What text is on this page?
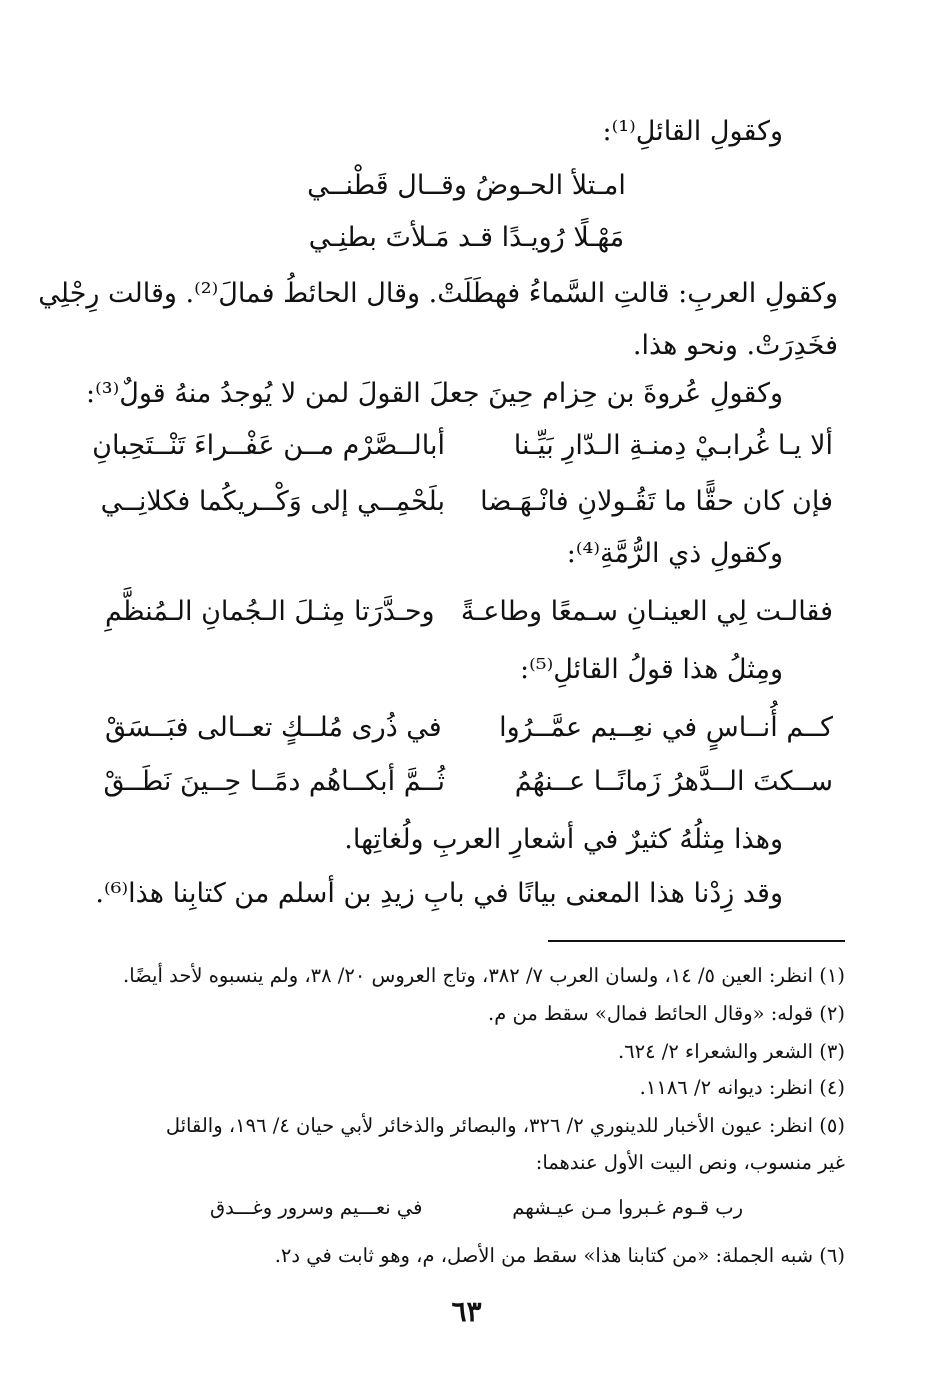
وكقولِ القائلِ⁽¹⁾:
امـتلأ الحـوضُ وقــال قَطْنــي
مَهْـلًا رُويـدًا قـد مَـلأتَ بطنِـي
وكقولِ العربِ: قالتِ السَّماءُ فهطَلَتْ. وقال الحائطُ فمالَ⁽²⁾. وقالت رِجْلِي
فخَدِرَتْ. ونحو هذا.
وكقولِ عُروةَ بن حِزام حِينَ جعلَ القولَ لمن لا يُوجدُ منهُ قولٌ⁽³⁾:
ألا يـا غُرابـيْ دِمنـةِ الـدّارِ بَيِّـنا
أبالــصَّرْم مــن عَفْــراءَ تَنْــتَحِبانِ
فإن كان حقًّا ما تَقُـولانِ فانْـهَـضا
بلَحْمِــي إلى وَكْــريكُما فكلانِــي
وكقولِ ذي الرُّمَّةِ⁽⁴⁾:
فقالـت لِي العينـانِ سـمعًا وطاعـةً
وحـدَّرَتا مِثـلَ الـجُمانِ الـمُنظَّمِ
ومِثلُ هذا قولُ القائلِ⁽⁵⁾:
كــم أُنــاسٍ في نعِــيم عمَّــرُوا
في ذُرى مُلــكٍ تعــالى فبَــسَقْ
ســكتَ الــدَّهرُ زَمانًــا عــنهُمُ
ثُــمَّ أبكــاهُم دمًــا حِــينَ نَطَــقْ
وهذا مِثلُهُ كثيرٌ في أشعارِ العربِ ولُغاتِها.
وقد زِدْنا هذا المعنى بيانًا في بابِ زيدِ بن أسلم من كتابِنا هذا⁽⁶⁾.
(١) انظر: العين ٥/ ١٤، ولسان العرب ٧/ ٣٨٢، وتاج العروس ٢٠/ ٣٨، ولم ينسبوه لأحد أيضًا.
(٢) قوله: «وقال الحائط فمال» سقط من م.
(٣) الشعر والشعراء ٢/ ٦٢٤.
(٤) انظر: ديوانه ٢/ ١١٨٦.
(٥) انظر: عيون الأخبار للدينوري ٢/ ٣٢٦، والبصائر والذخائر لأبي حيان ٤/ ١٩٦، والقائل
غير منسوب، ونص البيت الأول عندهما:
رب قـوم غـبروا مـن عيـشهم
في نعـــيم وسرور وغـــدق
(٦) شبه الجملة: «من كتابنا هذا» سقط من الأصل، م، وهو ثابت في د٢.
٦٣
